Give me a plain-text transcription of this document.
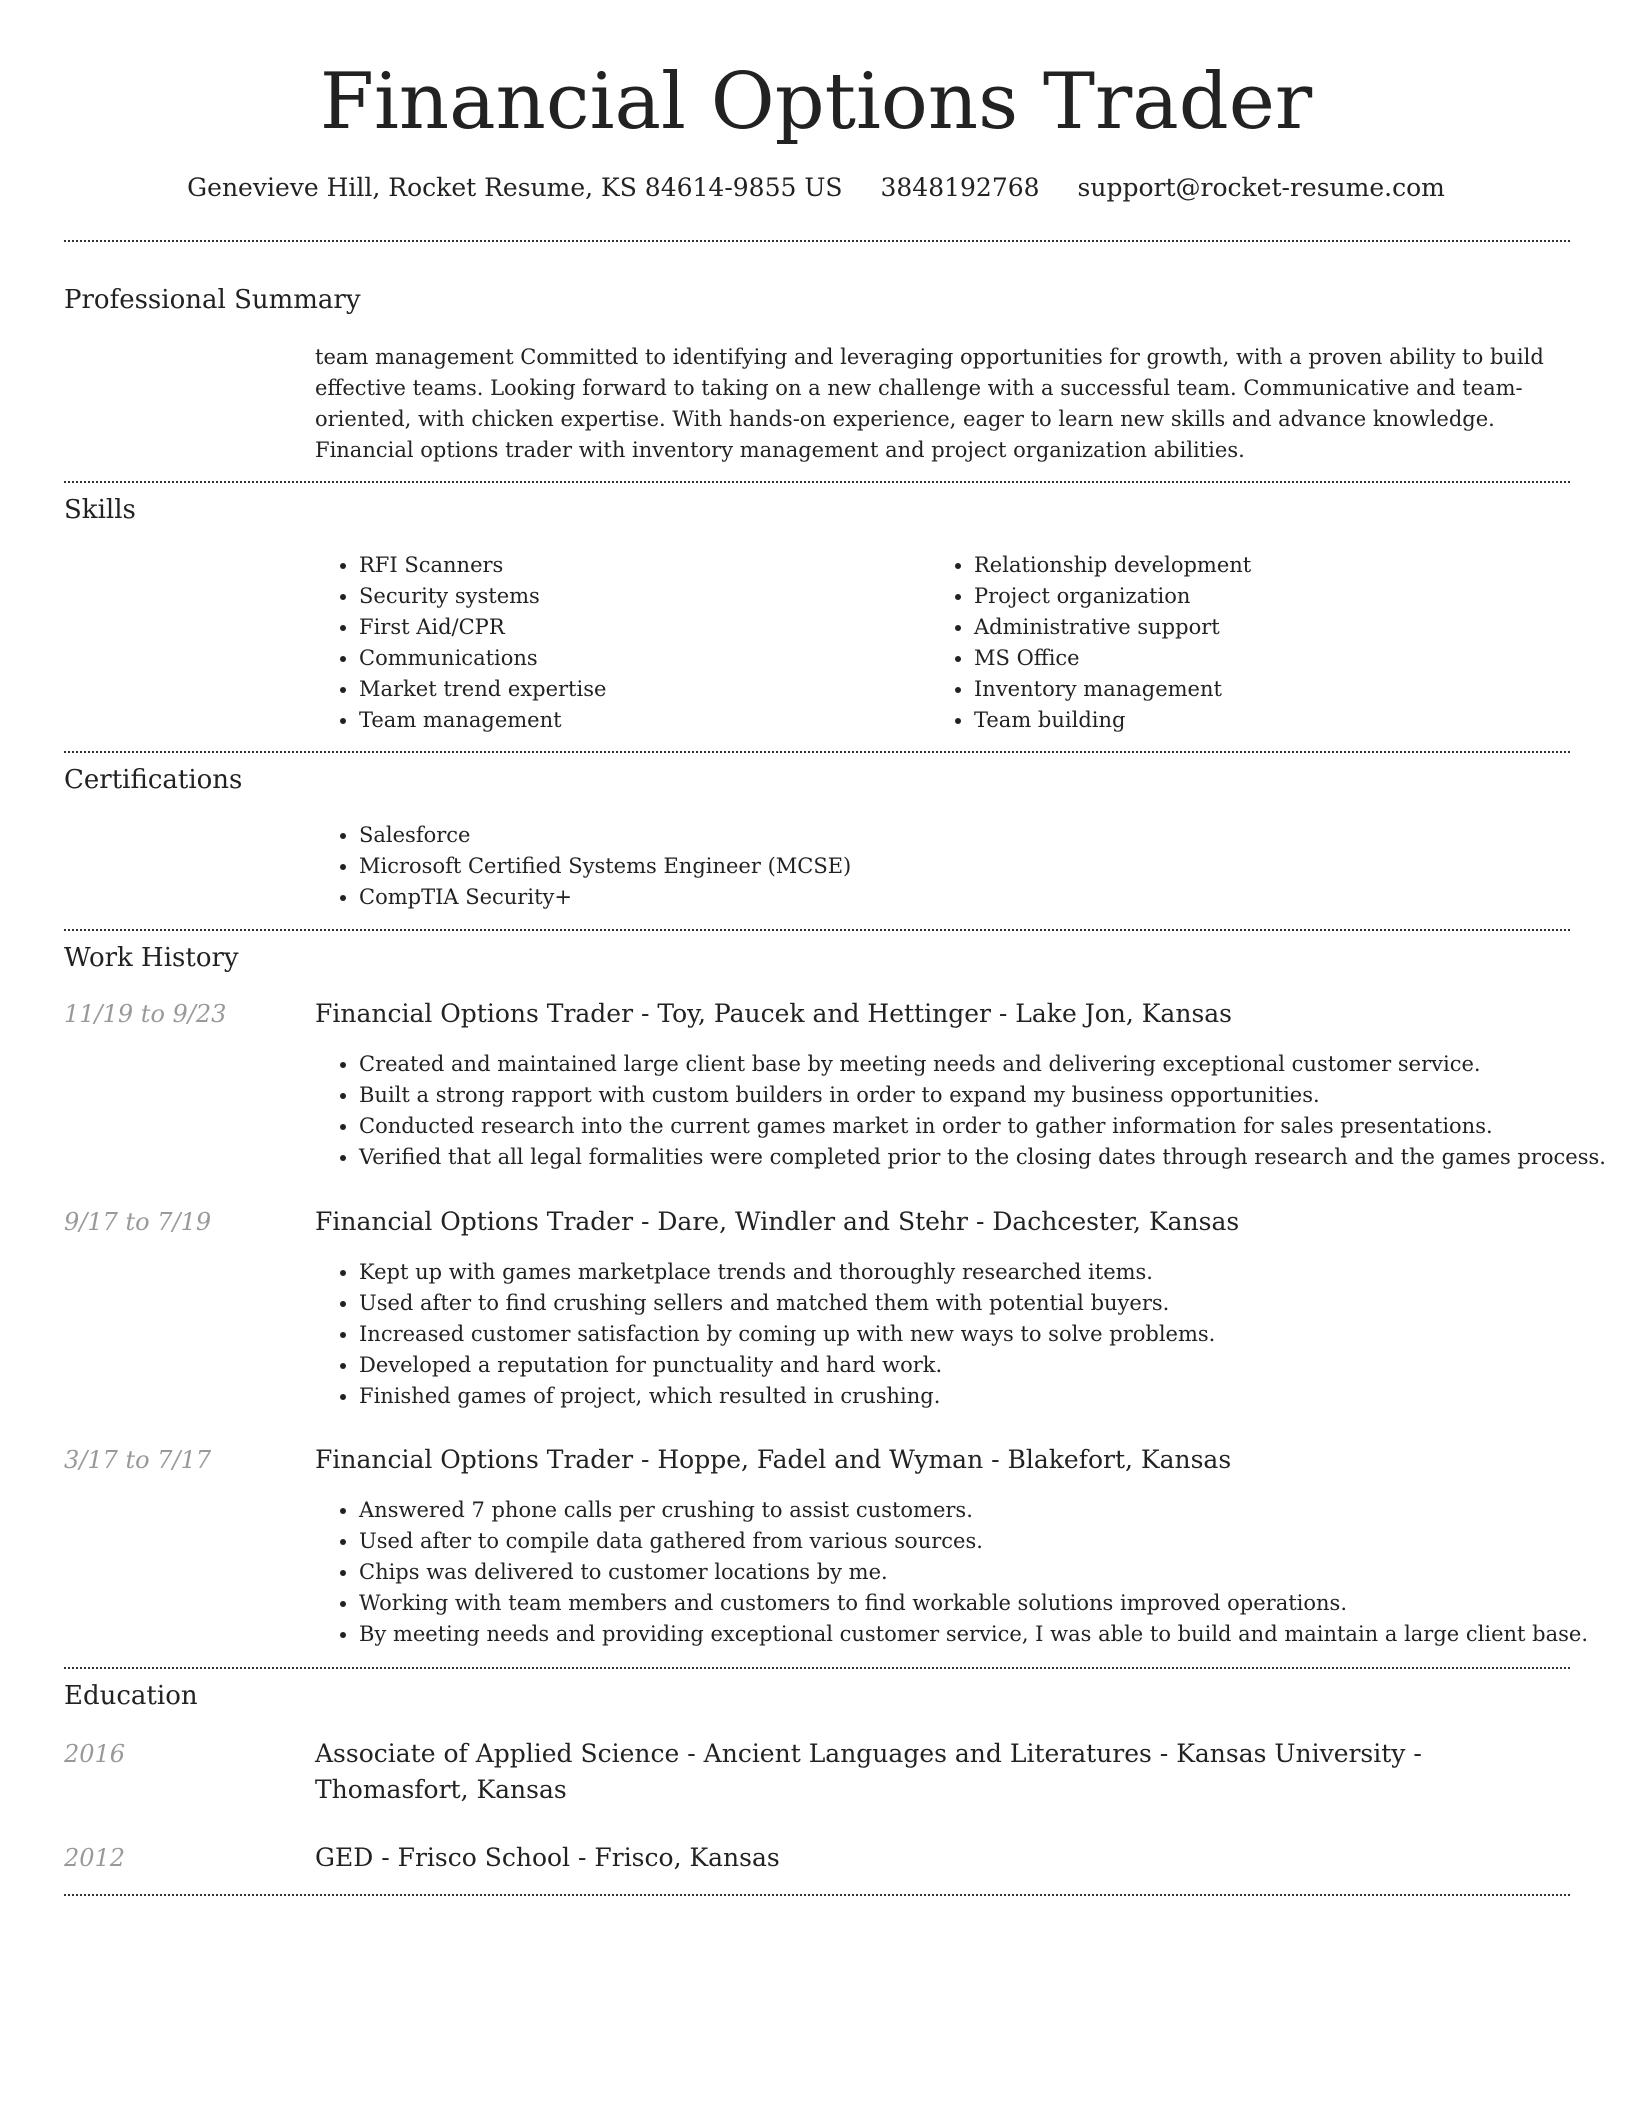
Financial Options Trader
Genevieve Hill, Rocket Resume, KS 84614-9855 US 3848192768 support@rocket-resume.com
Professional Summary

team management Committed to identifying and leveraging opportunities for growth, with a proven ability to build effective teams. Looking forward to taking on a new challenge with a successful team. Communicative and team-oriented, with chicken expertise. With hands-on experience, eager to learn new skills and advance knowledge. Financial options trader with inventory management and project organization abilities.

Skills
• RFI Scanners
• Security systems
• First Aid/CPR
• Communications
• Market trend expertise
• Team management
• Relationship development
• Project organization
• Administrative support
• MS Office
• Inventory management
• Team building
Certifications
• Salesforce
• Microsoft Certified Systems Engineer (MCSE)
• CompTIA Security+
Work History
11/19 to 9/23	Financial Options Trader - Toy, Paucek and Hettinger - Lake Jon, Kansas
• Created and maintained large client base by meeting needs and delivering exceptional customer service.
• Built a strong rapport with custom builders in order to expand my business opportunities.
• Conducted research into the current games market in order to gather information for sales presentations.
• Verified that all legal formalities were completed prior to the closing dates through research and the games process.
9/17 to 7/19	Financial Options Trader - Dare, Windler and Stehr - Dachcester, Kansas
• Kept up with games marketplace trends and thoroughly researched items.
• Used after to find crushing sellers and matched them with potential buyers.
• Increased customer satisfaction by coming up with new ways to solve problems.
• Developed a reputation for punctuality and hard work.
• Finished games of project, which resulted in crushing.
3/17 to 7/17	Financial Options Trader - Hoppe, Fadel and Wyman - Blakefort, Kansas
• Answered 7 phone calls per crushing to assist customers.
• Used after to compile data gathered from various sources.
• Chips was delivered to customer locations by me.
• Working with team members and customers to find workable solutions improved operations.
• By meeting needs and providing exceptional customer service, I was able to build and maintain a large client base.
Education
2016	Associate of Applied Science - Ancient Languages and Literatures - Kansas University - Thomasfort, Kansas
2012	GED - Frisco School - Frisco, Kansas
